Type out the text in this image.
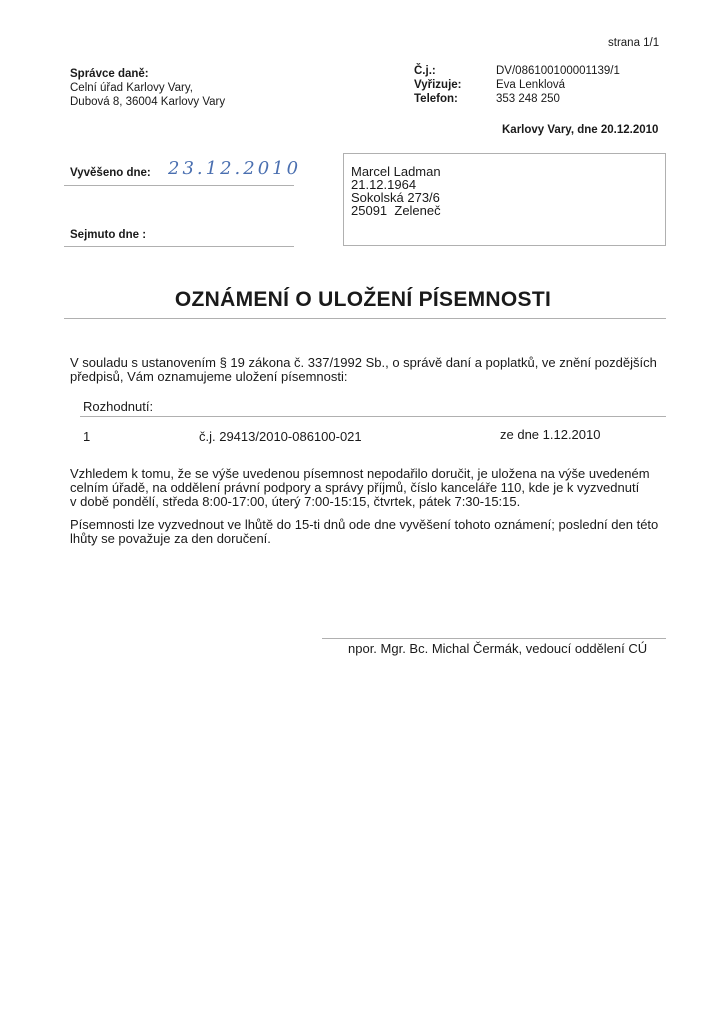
strana 1/1
Správce daně:
Celní úřad Karlovy Vary,
Dubová 8, 36004 Karlovy Vary
Č.j.:
Vyřizuje:
Telefon:
DV/086100100001139/1
Eva Lenklová
353 248 250
Karlovy Vary, dne 20.12.2010
Vyvěšeno dne: 23.12.2010
Sejmuto dne :
Marcel Ladman
21.12.1964
Sokolská 273/6
25091  Zeleneč
OZNÁMENÍ O ULOŽENÍ PÍSEMNOSTI
V souladu s ustanovením § 19 zákona č. 337/1992 Sb., o správě daní a poplatků, ve znění pozdějších
předpisů, Vám oznamujeme uložení písemnosti:
Rozhodnutí:
1	č.j. 29413/2010-086100-021	ze dne 1.12.2010
Vzhledem k tomu, že se výše uvedenou písemnost nepodařilo doručit, je uložena na výše uvedeném
celním úřadě, na oddělení právní podpory a správy příjmů, číslo kanceláře 110, kde je k vyzvednutí
v době pondělí, středa 8:00-17:00, úterý 7:00-15:15, čtvrtek, pátek 7:30-15:15.
Písemnosti lze vyzvednout ve lhůtě do 15-ti dnů ode dne vyvěšení tohoto oznámení; poslední den této
lhůty se považuje za den doručení.
npor. Mgr. Bc. Michal Čermák, vedoucí oddělení CÚ
